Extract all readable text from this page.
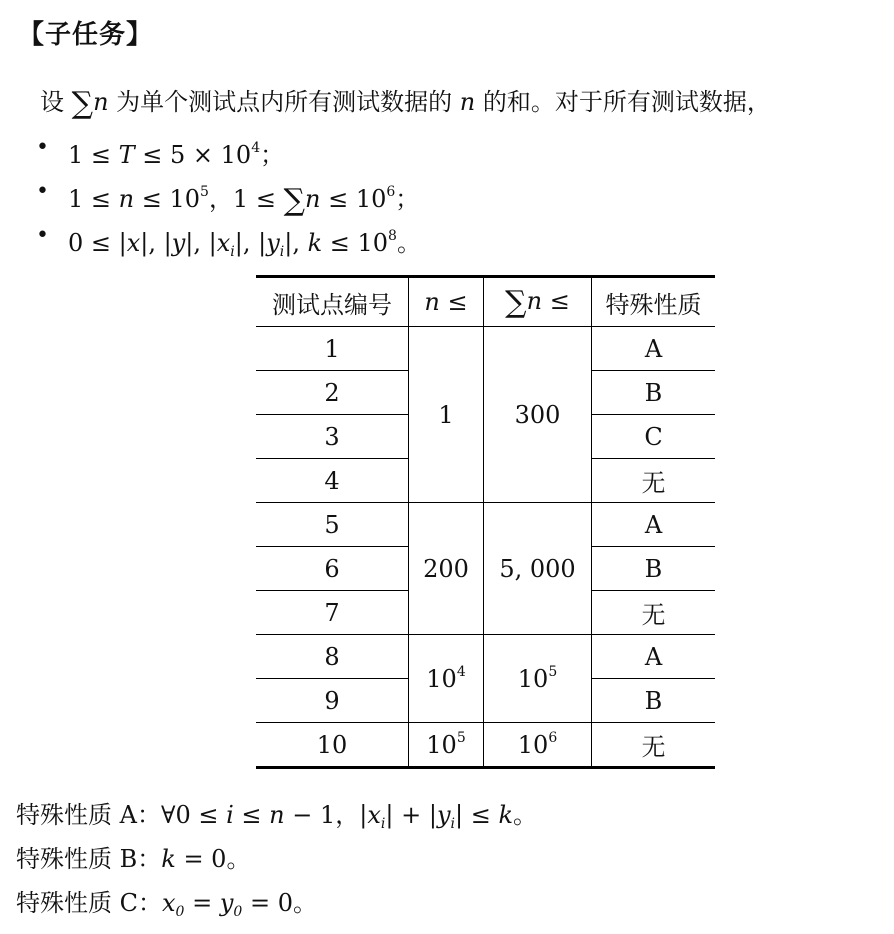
【子任务】
设 ∑n 为单个测试点内所有测试数据的 n 的和。对于所有测试数据，
• $1 \le T \le 5 \times 10^4$；
• $1 \le n \le 10^5$，$1 \le \sum n \le 10^6$；
• 0 ≤ |x|, |y|, $|x_i|$, $|y_i|$, $k \le 10^8$。
测试点编号	n ≤	∑n ≤	特殊性质
1	1	300	A
2			B
3			C
4			无
5	200	5, 000	A
6			B
7			无
8	$10^4$	$10^5$	A
9			B
10	$10^5$	$10^6$	无
特殊性质 A：∀0 ≤ i ≤ n − 1，$|x_i| + |y_i| \le k$。
特殊性质 B：k = 0。
特殊性质 C：$x_0 = y_0 = 0$。
